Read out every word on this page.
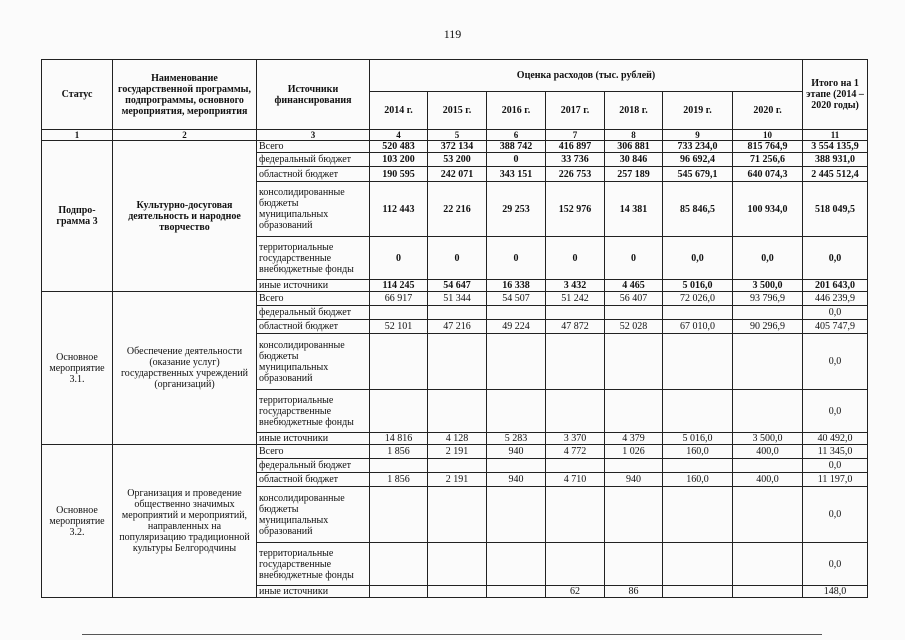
119
Статус	Наименование государственной программы, подпрограммы, основного мероприятия, мероприятия	Источники финансирования	Оценка расходов (тыс. рублей)							Итого на 1 этапе (2014 – 2020 годы)
			2014 г.	2015 г.	2016 г.	2017 г.	2018 г.	2019 г.	2020 г.	
1	2	3	4	5	6	7	8	9	10	11
Подпро-грамма 3	Культурно-досуговая деятельность и народное творчество	Всего	520 483	372 134	388 742	416 897	306 881	733 234,0	815 764,9	3 554 135,9
		федеральный бюджет	103 200	53 200	0	33 736	30 846	96 692,4	71 256,6	388 931,0
		областной бюджет	190 595	242 071	343 151	226 753	257 189	545 679,1	640 074,3	2 445 512,4
		консолидированные бюджеты муниципальных образований	112 443	22 216	29 253	152 976	14 381	85 846,5	100 934,0	518 049,5
		территориальные государственные внебюджетные фонды	0	0	0	0	0	0,0	0,0	0,0
		иные источники	114 245	54 647	16 338	3 432	4 465	5 016,0	3 500,0	201 643,0
Основное мероприятие 3.1.	Обеспечение деятельности (оказание услуг) государственных учреждений (организаций)	Всего	66 917	51 344	54 507	51 242	56 407	72 026,0	93 796,9	446 239,9
		федеральный бюджет								0,0
		областной бюджет	52 101	47 216	49 224	47 872	52 028	67 010,0	90 296,9	405 747,9
		консолидированные бюджеты муниципальных образований								0,0
		территориальные государственные внебюджетные фонды								0,0
		иные источники	14 816	4 128	5 283	3 370	4 379	5 016,0	3 500,0	40 492,0
Основное мероприятие 3.2.	Организация и проведение общественно значимых мероприятий и мероприятий, направленных на популяризацию традиционной культуры Белгородчины	Всего	1 856	2 191	940	4 772	1 026	160,0	400,0	11 345,0
		федеральный бюджет								0,0
		областной бюджет	1 856	2 191	940	4 710	940	160,0	400,0	11 197,0
		консолидированные бюджеты муниципальных образований								0,0
		территориальные государственные внебюджетные фонды								0,0
		иные источники				62	86			148,0
